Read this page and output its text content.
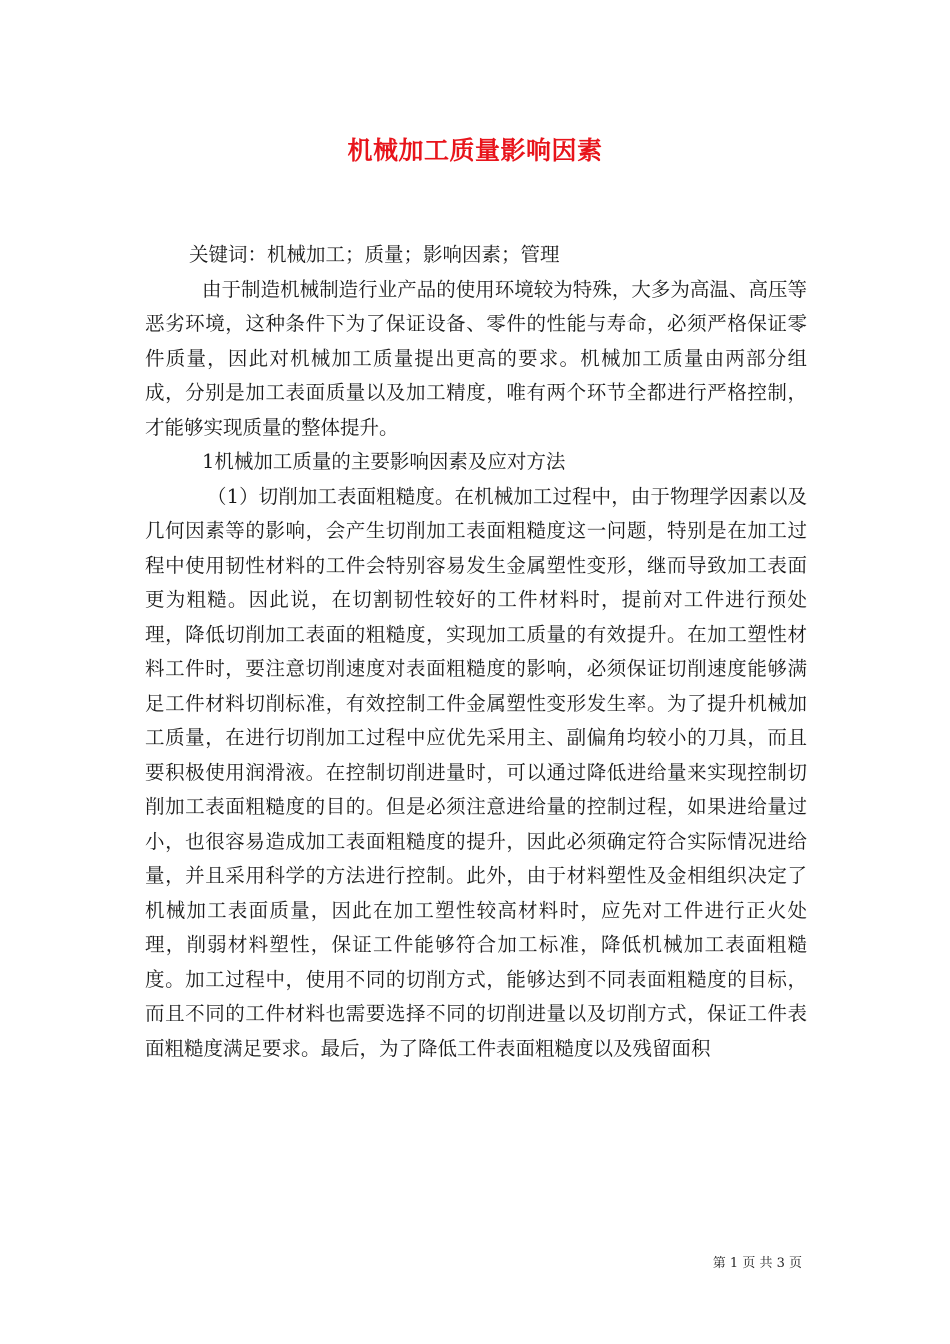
机械加工质量影响因素

关键词：机械加工；质量；影响因素；管理

由于制造机械制造行业产品的使用环境较为特殊，大多为高温、高压等恶劣环境，这种条件下为了保证设备、零件的性能与寿命，必须严格保证零件质量，因此对机械加工质量提出更高的要求。机械加工质量由两部分组成，分别是加工表面质量以及加工精度，唯有两个环节全都进行严格控制，才能够实现质量的整体提升。

1机械加工质量的主要影响因素及应对方法

（1）切削加工表面粗糙度。在机械加工过程中，由于物理学因素以及几何因素等的影响，会产生切削加工表面粗糙度这一问题，特别是在加工过程中使用韧性材料的工件会特别容易发生金属塑性变形，继而导致加工表面更为粗糙。因此说，在切割韧性较好的工件材料时，提前对工件进行预处理，降低切削加工表面的粗糙度，实现加工质量的有效提升。在加工塑性材料工件时，要注意切削速度对表面粗糙度的影响，必须保证切削速度能够满足工件材料切削标准，有效控制工件金属塑性变形发生率。为了提升机械加工质量，在进行切削加工过程中应优先采用主、副偏角均较小的刀具，而且要积极使用润滑液。在控制切削进量时，可以通过降低进给量来实现控制切削加工表面粗糙度的目的。但是必须注意进给量的控制过程，如果进给量过小，也很容易造成加工表面粗糙度的提升，因此必须确定符合实际情况进给量，并且采用科学的方法进行控制。此外，由于材料塑性及金相组织决定了机械加工表面质量，因此在加工塑性较高材料时，应先对工件进行正火处理，削弱材料塑性，保证工件能够符合加工标准，降低机械加工表面粗糙度。加工过程中，使用不同的切削方式，能够达到不同表面粗糙度的目标，而且不同的工件材料也需要选择不同的切削进量以及切削方式，保证工件表面粗糙度满足要求。最后，为了降低工件表面粗糙度以及残留面积

第 1 页 共 3 页
